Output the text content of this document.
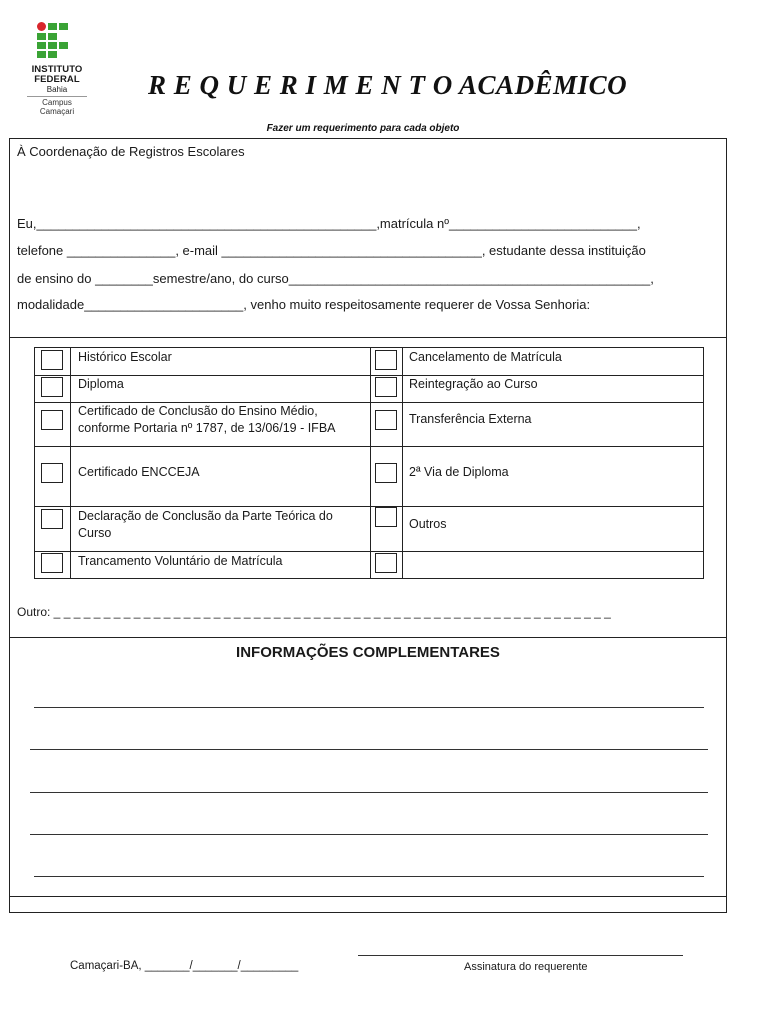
INSTITUTO
FEDERAL
Bahia
Campus
Camaçari
R E Q U E R I M E N T O ACADÊMICO
Fazer um requerimento para cada objeto
À Coordenação de Registros Escolares
Eu,_______________________________________________,matrícula nº__________________________,
telefone _______________, e-mail ____________________________________, estudante dessa instituição
de ensino do ________semestre/ano, do curso__________________________________________________,
modalidade______________________, venho muito respeitosamente requerer de Vossa Senhoria:
Histórico Escolar
Diploma
Certificado de Conclusão do Ensino Médio, conforme Portaria nº 1787, de 13/06/19 - IFBA
Certificado ENCCEJA
Declaração de Conclusão da Parte Teórica do Curso
Trancamento Voluntário de Matrícula
Cancelamento de Matrícula
Reintegração ao Curso
Transferência Externa
2ª Via de Diploma
Outros
Outro: _ _ _ _ _ _ _ _ _ _ _ _ _ _ _ _ _ _ _ _ _ _ _ _ _ _ _ _ _ _ _ _ _ _ _ _ _ _ _ _ _ _ _ _ _ _ _ _ _ _ _ _ _ _ _ _
INFORMAÇÕES COMPLEMENTARES
Assinatura do requerente
Camaçari-BA, _______/_______/_________
